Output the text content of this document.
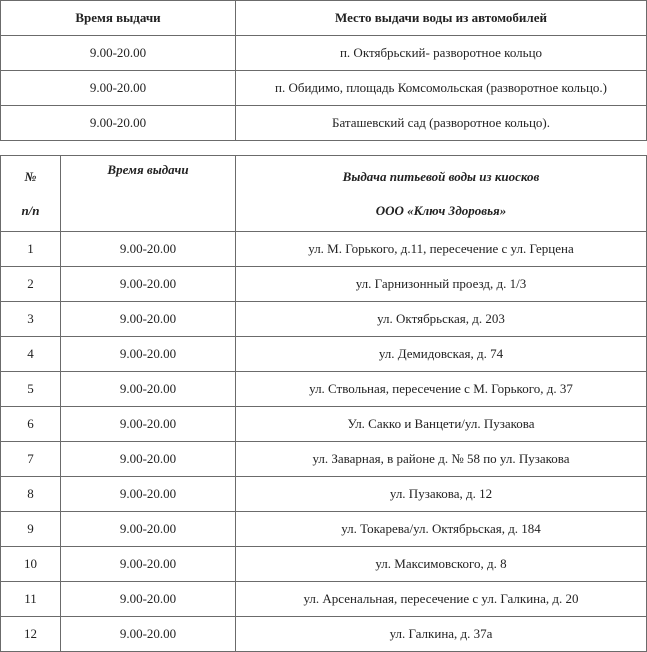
Время выдачи	Место выдачи воды из автомобилей
9.00-20.00	п. Октябрьский- разворотное кольцо
9.00-20.00	п. Обидимо, площадь Комсомольская (разворотное кольцо.)
9.00-20.00	Баташевский сад (разворотное кольцо).
№
п/п	Время выдачи	Выдача питьевой воды из киосков
ООО «Ключ Здоровья»

1	9.00-20.00	ул. М. Горького, д.11, пересечение с ул. Герцена
2	9.00-20.00	ул. Гарнизонный проезд, д. 1/3
3	9.00-20.00	ул. Октябрьская, д. 203
4	9.00-20.00	ул. Демидовская, д. 74
5	9.00-20.00	ул. Ствольная, пересечение с М. Горького, д. 37
6	9.00-20.00	Ул. Сакко и Ванцети/ул. Пузакова
7	9.00-20.00	ул. Заварная, в районе д. № 58 по ул. Пузакова
8	9.00-20.00	ул. Пузакова, д. 12
9	9.00-20.00	ул. Токарева/ул. Октябрьская, д. 184
10	9.00-20.00	ул. Максимовского, д. 8
11	9.00-20.00	ул. Арсенальная, пересечение с ул. Галкина, д. 20
12	9.00-20.00	ул. Галкина, д. 37а
